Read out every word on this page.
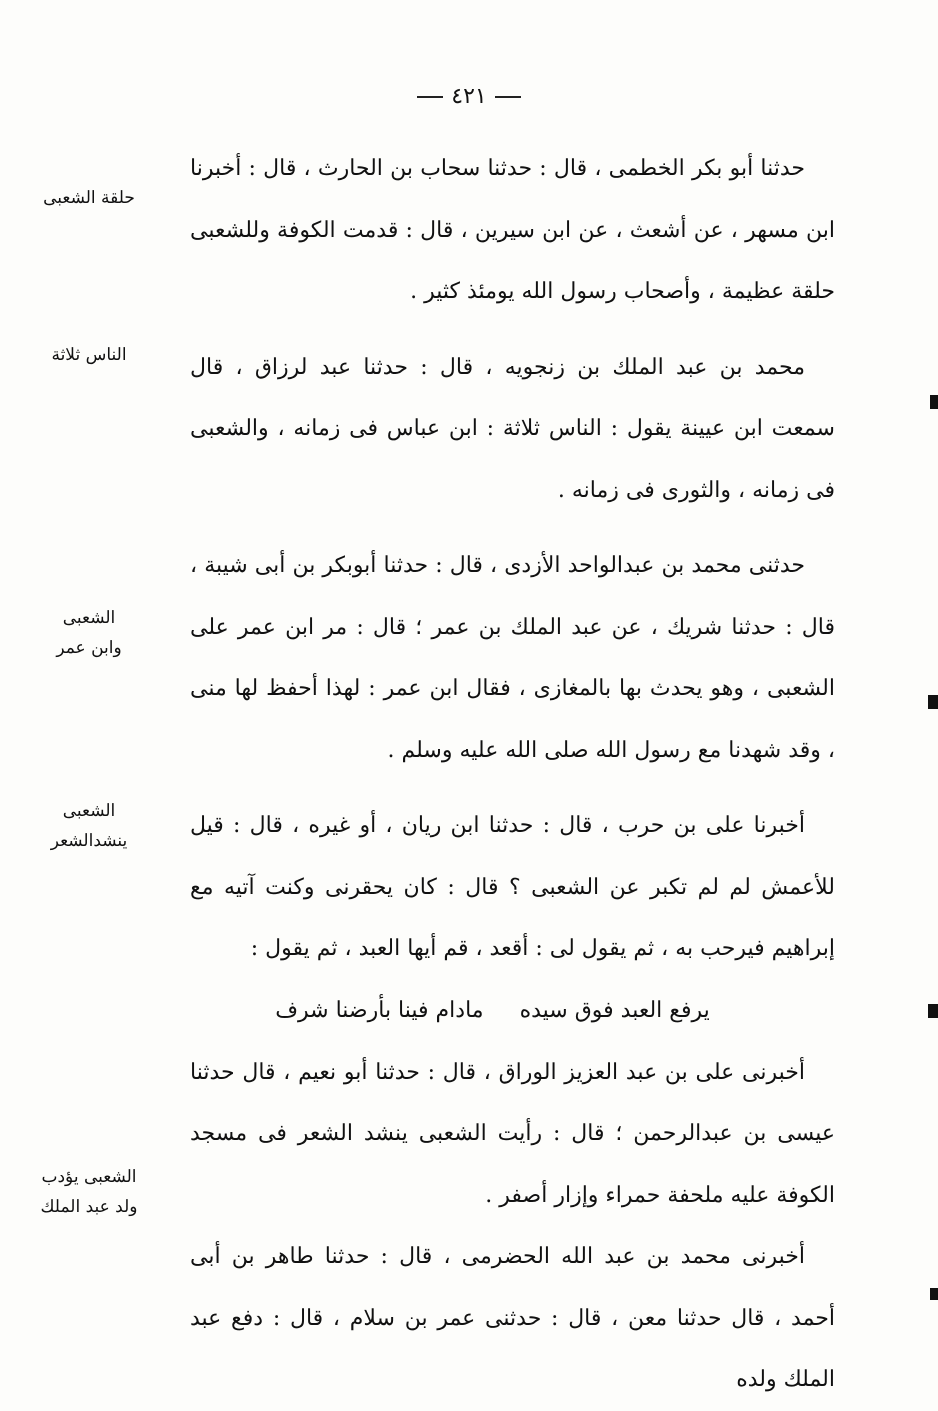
٤٢١

حدثنا أبو بكر الخطمى ، قال : حدثنا سحاب بن الحارث ، قال : أخبرنا ابن مسهر ، عن أشعث ، عن ابن سيرين ، قال : قدمت الكوفة وللشعبى حلقة عظيمة ، وأصحاب رسول الله يومئذ كثير .

محمد بن عبد الملك بن زنجويه ، قال : حدثنا عبد لرزاق ، قال سمعت ابن عيينة يقول : الناس ثلاثة : ابن عباس فى زمانه ، والشعبى فى زمانه ، والثورى فى زمانه .

حدثنى محمد بن عبدالواحد الأزدى ، قال : حدثنا أبوبكر بن أبى شيبة ، قال : حدثنا شريك ، عن عبد الملك بن عمر ؛ قال : مر ابن عمر على الشعبى ، وهو يحدث بها بالمغازى ، فقال ابن عمر : لهذا أحفظ لها منى ، وقد شهدنا مع رسول الله صلى الله عليه وسلم .

أخبرنا على بن حرب ، قال : حدثنا ابن ريان ، أو غيره ، قال : قيل للأعمش لم لم تكبر عن الشعبى ؟ قال : كان يحقرنى وكنت آتيه مع إبراهيم فيرحب به ، ثم يقول لى : أقعد ، قم أيها العبد ، ثم يقول :

يرفع العبد فوق سيدهمادام فينا بأرضنا شرف

أخبرنى على بن عبد العزيز الوراق ، قال : حدثنا أبو نعيم ، قال حدثنا عيسى بن عبدالرحمن ؛ قال : رأيت الشعبى ينشد الشعر فى مسجد الكوفة عليه ملحفة حمراء وإزار أصفر .

أخبرنى محمد بن عبد الله الحضرمى ، قال : حدثنا طاهر بن أبى أحمد ، قال حدثنا معن ، قال : حدثنى عمر بن سلام ، قال : دفع عبد الملك ولده

حلقة الشعبى
الناس ثلاثة
الشعبى
وابن عمر
الشعبى
ينشدالشعر
الشعبى يؤدب
ولد عبد الملك
